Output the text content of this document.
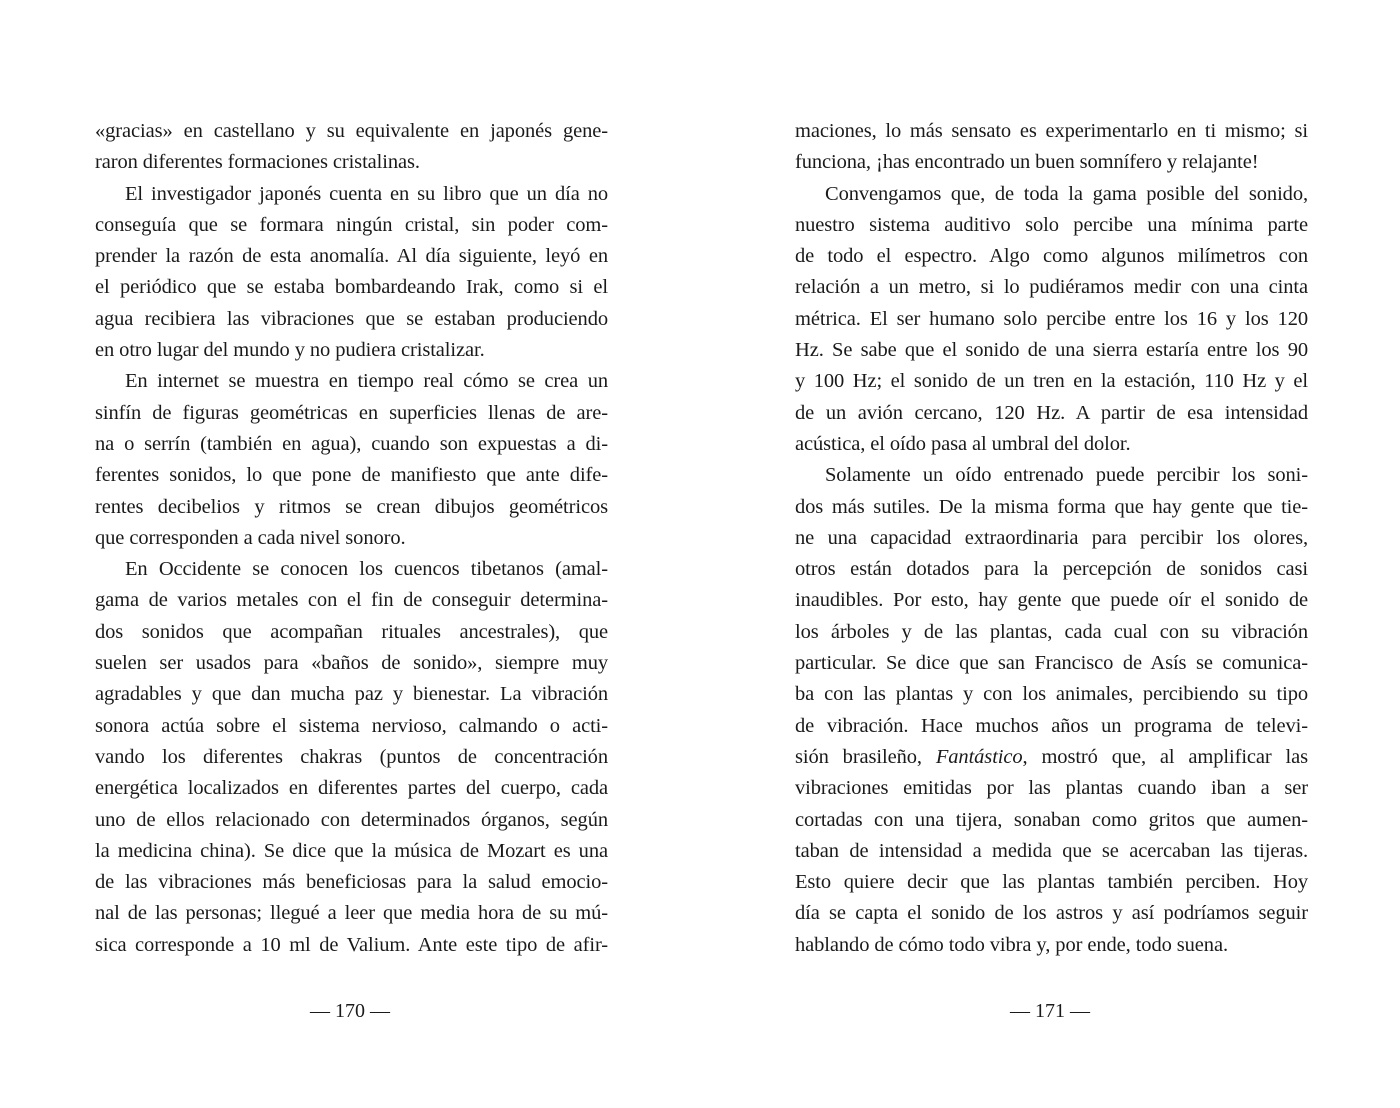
«gracias» en castellano y su equivalente en japonés gene-
raron diferentes formaciones cristalinas.
El investigador japonés cuenta en su libro que un día no
conseguía que se formara ningún cristal, sin poder com-
prender la razón de esta anomalía. Al día siguiente, leyó en
el periódico que se estaba bombardeando Irak, como si el
agua recibiera las vibraciones que se estaban produciendo
en otro lugar del mundo y no pudiera cristalizar.
En internet se muestra en tiempo real cómo se crea un
sinfín de figuras geométricas en superficies llenas de are-
na o serrín (también en agua), cuando son expuestas a di-
ferentes sonidos, lo que pone de manifiesto que ante dife-
rentes decibelios y ritmos se crean dibujos geométricos
que corresponden a cada nivel sonoro.
En Occidente se conocen los cuencos tibetanos (amal-
gama de varios metales con el fin de conseguir determina-
dos sonidos que acompañan rituales ancestrales), que
suelen ser usados para «baños de sonido», siempre muy
agradables y que dan mucha paz y bienestar. La vibración
sonora actúa sobre el sistema nervioso, calmando o acti-
vando los diferentes chakras (puntos de concentración
energética localizados en diferentes partes del cuerpo, cada
uno de ellos relacionado con determinados órganos, según
la medicina china). Se dice que la música de Mozart es una
de las vibraciones más beneficiosas para la salud emocio-
nal de las personas; llegué a leer que media hora de su mú-
sica corresponde a 10 ml de Valium. Ante este tipo de afir-
maciones, lo más sensato es experimentarlo en ti mismo; si
funciona, ¡has encontrado un buen somnífero y relajante!
Convengamos que, de toda la gama posible del sonido,
nuestro sistema auditivo solo percibe una mínima parte
de todo el espectro. Algo como algunos milímetros con
relación a un metro, si lo pudiéramos medir con una cinta
métrica. El ser humano solo percibe entre los 16 y los 120
Hz. Se sabe que el sonido de una sierra estaría entre los 90
y 100 Hz; el sonido de un tren en la estación, 110 Hz y el
de un avión cercano, 120 Hz. A partir de esa intensidad
acústica, el oído pasa al umbral del dolor.
Solamente un oído entrenado puede percibir los soni-
dos más sutiles. De la misma forma que hay gente que tie-
ne una capacidad extraordinaria para percibir los olores,
otros están dotados para la percepción de sonidos casi
inaudibles. Por esto, hay gente que puede oír el sonido de
los árboles y de las plantas, cada cual con su vibración
particular. Se dice que san Francisco de Asís se comunica-
ba con las plantas y con los animales, percibiendo su tipo
de vibración. Hace muchos años un programa de televi-
sión brasileño, Fantástico, mostró que, al amplificar las
vibraciones emitidas por las plantas cuando iban a ser
cortadas con una tijera, sonaban como gritos que aumen-
taban de intensidad a medida que se acercaban las tijeras.
Esto quiere decir que las plantas también perciben. Hoy
día se capta el sonido de los astros y así podríamos seguir
hablando de cómo todo vibra y, por ende, todo suena.
— 170 —	— 171 —
